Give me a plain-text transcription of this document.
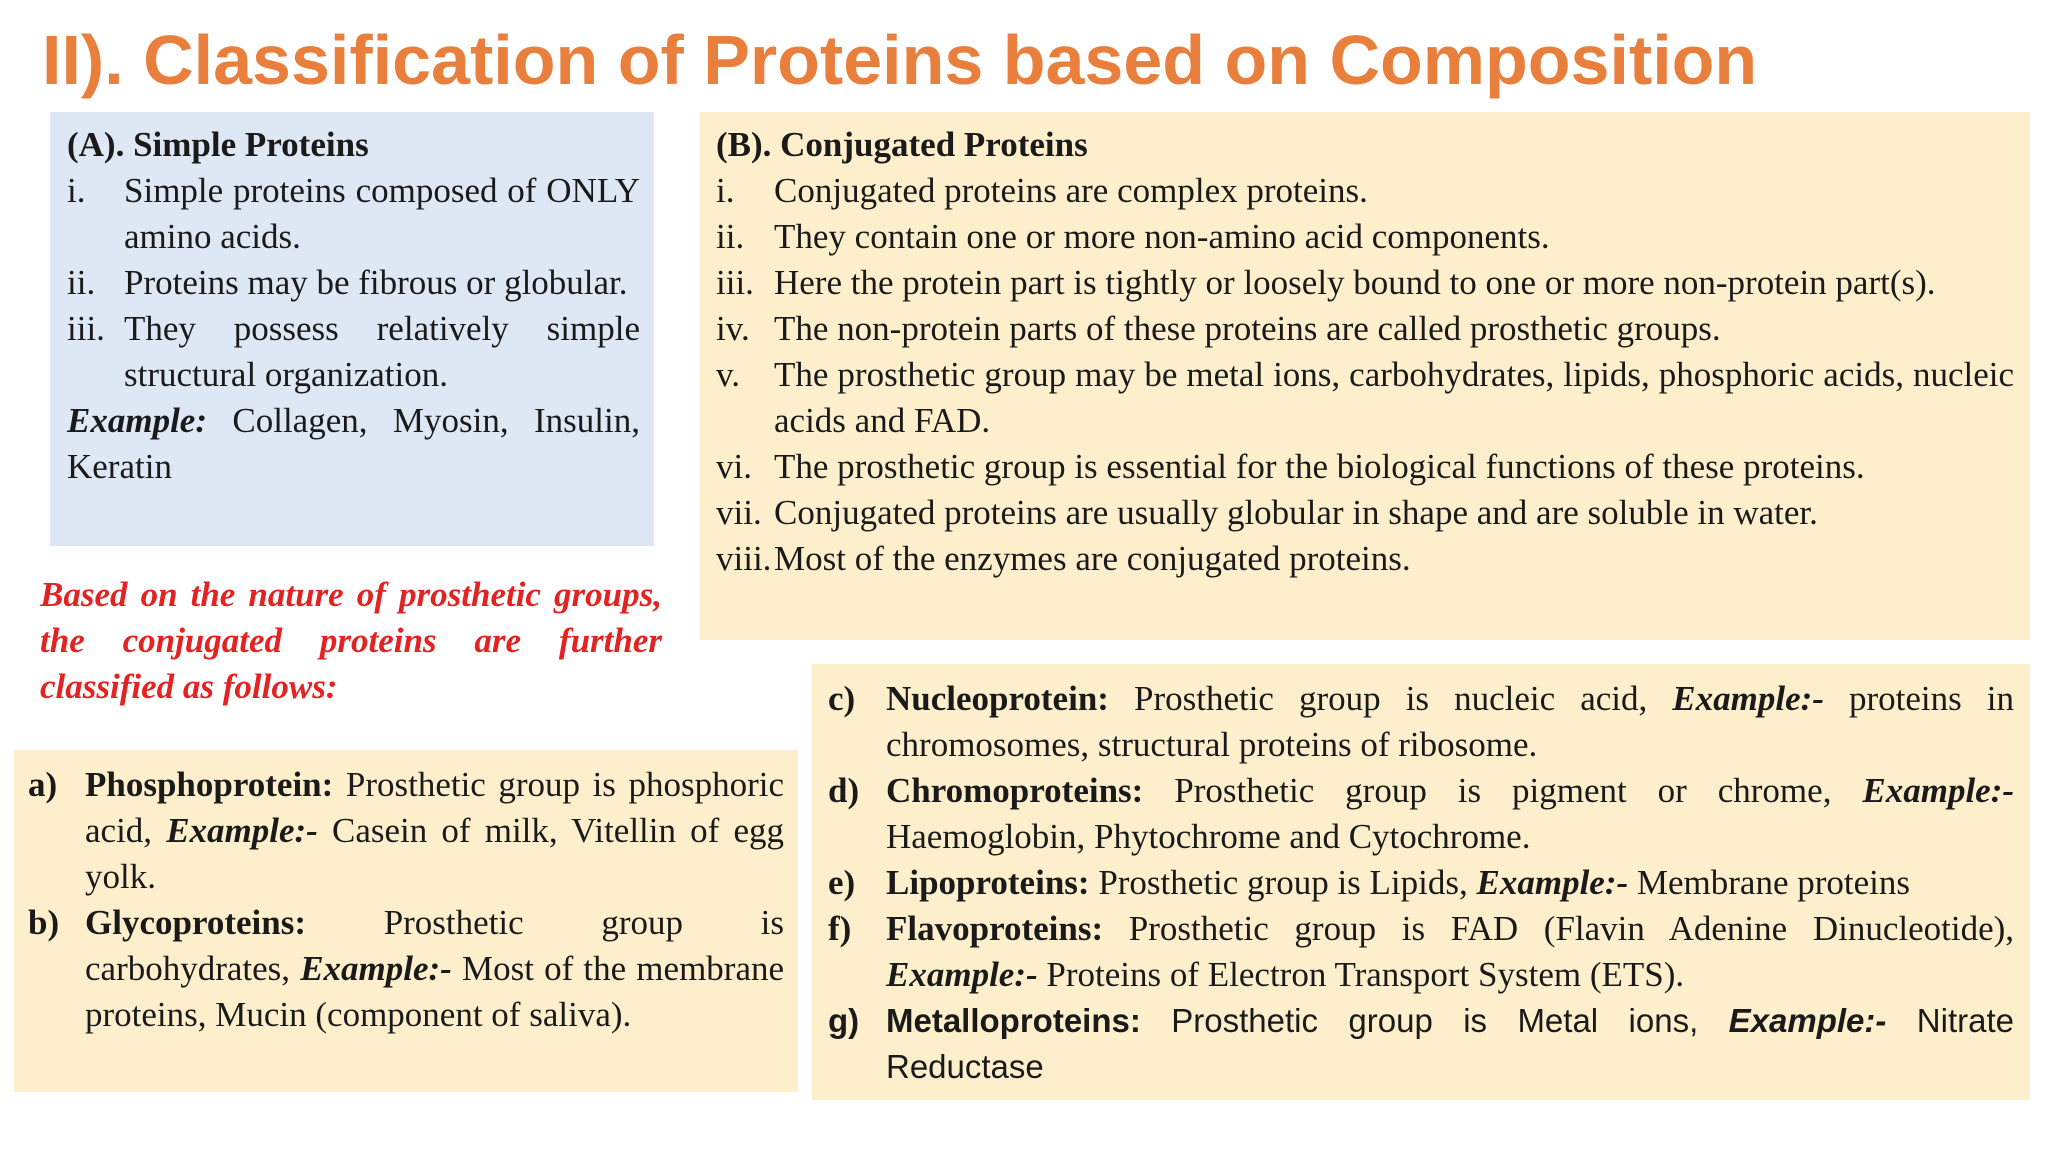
II). Classification of Proteins based on Composition
(A). Simple Proteins
i.	Simple proteins composed of ONLY amino acids.
ii. Proteins may be fibrous or globular.
iii. They possess relatively simple structural organization.
Example: Collagen, Myosin, Insulin, Keratin
(B). Conjugated Proteins
i.	Conjugated proteins are complex proteins.
ii. They contain one or more non-amino acid components.
iii. Here the protein part is tightly or loosely bound to one or more non-protein part(s).
iv. The non-protein parts of these proteins are called prosthetic groups.
v. The prosthetic group may be metal ions, carbohydrates, lipids, phosphoric acids, nucleic acids and FAD.
vi. The prosthetic group is essential for the biological functions of these proteins.
vii. Conjugated proteins are usually globular in shape and are soluble in water.
viii. Most of the enzymes are conjugated proteins.
Based on the nature of prosthetic groups, the conjugated proteins are further classified as follows:
a) Phosphoprotein: Prosthetic group is phosphoric acid, Example:- Casein of milk, Vitellin of egg yolk.
b) Glycoproteins: Prosthetic group is carbohydrates, Example:- Most of the membrane proteins, Mucin (component of saliva).
c) Nucleoprotein: Prosthetic group is nucleic acid, Example:- proteins in chromosomes, structural proteins of ribosome.
d) Chromoproteins: Prosthetic group is pigment or chrome, Example:- Haemoglobin, Phytochrome and Cytochrome.
e) Lipoproteins: Prosthetic group is Lipids, Example:- Membrane proteins
f) Flavoproteins: Prosthetic group is FAD (Flavin Adenine Dinucleotide), Example:- Proteins of Electron Transport System (ETS).
g) Metalloproteins: Prosthetic group is Metal ions, Example:- Nitrate Reductase
